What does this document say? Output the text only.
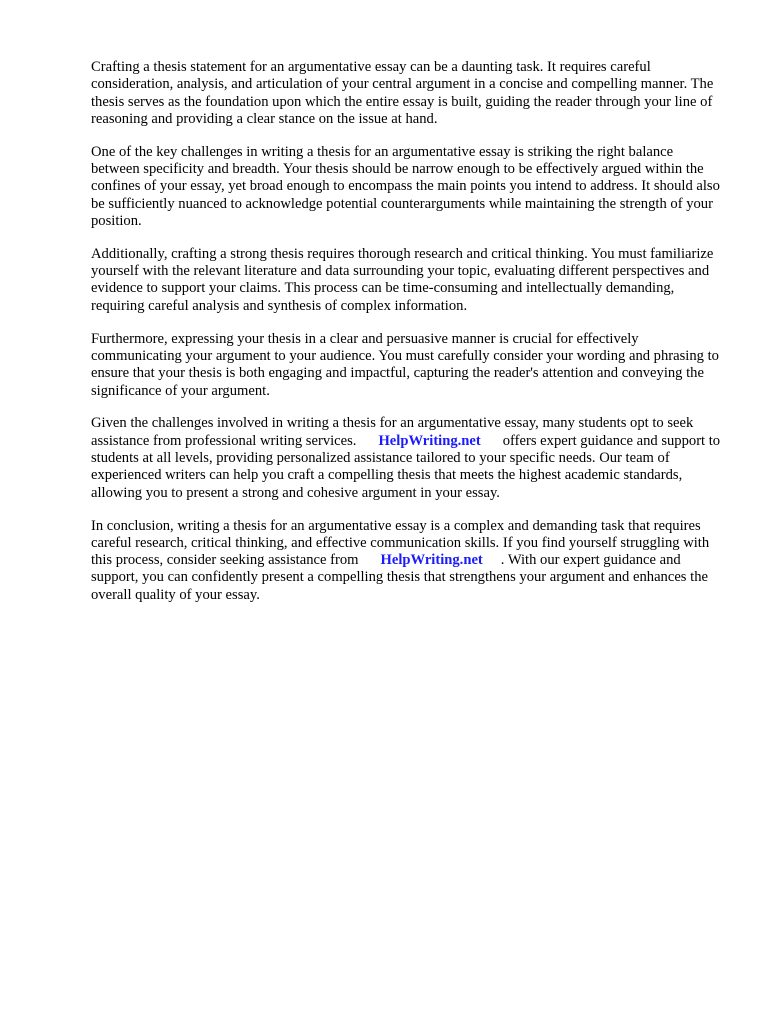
Crafting a thesis statement for an argumentative essay can be a daunting task. It requires careful consideration, analysis, and articulation of your central argument in a concise and compelling manner. The thesis serves as the foundation upon which the entire essay is built, guiding the reader through your line of reasoning and providing a clear stance on the issue at hand.

One of the key challenges in writing a thesis for an argumentative essay is striking the right balance between specificity and breadth. Your thesis should be narrow enough to be effectively argued within the confines of your essay, yet broad enough to encompass the main points you intend to address. It should also be sufficiently nuanced to acknowledge potential counterarguments while maintaining the strength of your position.

Additionally, crafting a strong thesis requires thorough research and critical thinking. You must familiarize yourself with the relevant literature and data surrounding your topic, evaluating different perspectives and evidence to support your claims. This process can be time-consuming and intellectually demanding, requiring careful analysis and synthesis of complex information.

Furthermore, expressing your thesis in a clear and persuasive manner is crucial for effectively communicating your argument to your audience. You must carefully consider your wording and phrasing to ensure that your thesis is both engaging and impactful, capturing the reader's attention and conveying the significance of your argument.

Given the challenges involved in writing a thesis for an argumentative essay, many students opt to seek assistance from professional writing services. HelpWriting.net offers expert guidance and support to students at all levels, providing personalized assistance tailored to your specific needs. Our team of experienced writers can help you craft a compelling thesis that meets the highest academic standards, allowing you to present a strong and cohesive argument in your essay.

In conclusion, writing a thesis for an argumentative essay is a complex and demanding task that requires careful research, critical thinking, and effective communication skills. If you find yourself struggling with this process, consider seeking assistance from HelpWriting.net . With our expert guidance and support, you can confidently present a compelling thesis that strengthens your argument and enhances the overall quality of your essay.
